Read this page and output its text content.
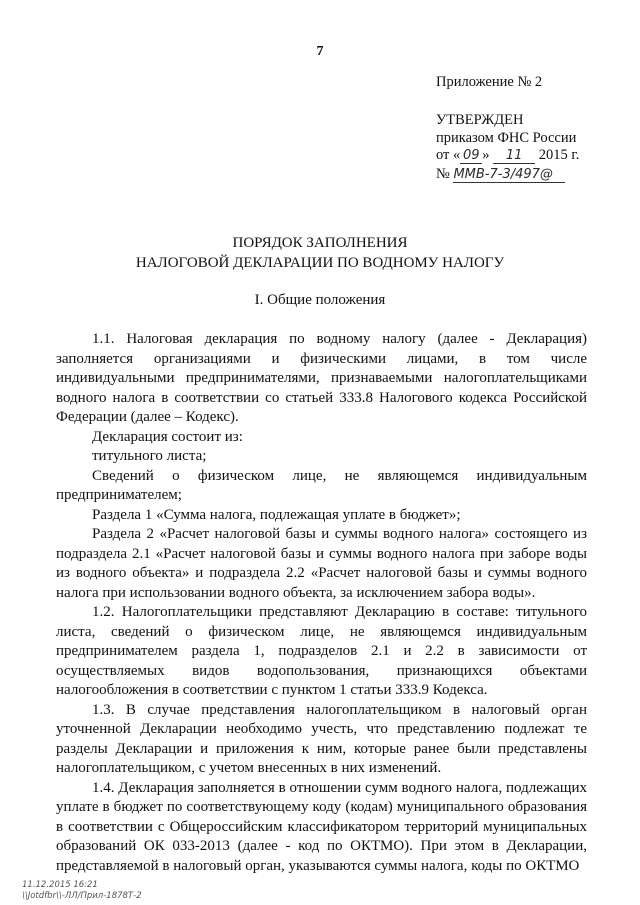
7
Приложение № 2
УТВЕРЖДЕН
приказом ФНС России
от « 09 » 11 2015 г.
№ ММВ-7-3/497@
ПОРЯДОК ЗАПОЛНЕНИЯ
НАЛОГОВОЙ ДЕКЛАРАЦИИ ПО ВОДНОМУ НАЛОГУ
I. Общие положения

1.1. Налоговая декларация по водному налогу (далее - Декларация) заполняется организациями и физическими лицами, в том числе индивидуальными предпринимателями, признаваемыми налогоплательщиками водного налога в соответствии со статьей 333.8 Налогового кодекса Российской Федерации (далее – Кодекс).

Декларация состоит из:

титульного листа;

Сведений о физическом лице, не являющемся индивидуальным предпринимателем;

Раздела 1 «Сумма налога, подлежащая уплате в бюджет»;

Раздела 2 «Расчет налоговой базы и суммы водного налога» состоящего из подраздела 2.1 «Расчет налоговой базы и суммы водного налога при заборе воды из водного объекта» и подраздела 2.2 «Расчет налоговой базы и суммы водного налога при использовании водного объекта, за исключением забора воды».

1.2. Налогоплательщики представляют Декларацию в составе: титульного листа, сведений о физическом лице, не являющемся индивидуальным предпринимателем раздела 1, подразделов 2.1 и 2.2 в зависимости от осуществляемых видов водопользования, признающихся объектами налогообложения в соответствии с пунктом 1 статьи 333.9 Кодекса.

1.3. В случае представления налогоплательщиком в налоговый орган уточненной Декларации необходимо учесть, что представлению подлежат те разделы Декларации и приложения к ним, которые ранее были представлены налогоплательщиком, с учетом внесенных в них изменений.

1.4. Декларация заполняется в отношении сумм водного налога, подлежащих уплате в бюджет по соответствующему коду (кодам) муниципального образования в соответствии с Общероссийским классификатором территорий муниципальных образований ОК 033-2013 (далее - код по ОКТМО). При этом в Декларации, представляемой в налоговый орган, указываются суммы налога, коды по ОКТМО

11.12.2015 16:21
\\Jotdfbr\\-ЛЛ/Прил-1878Т-2
